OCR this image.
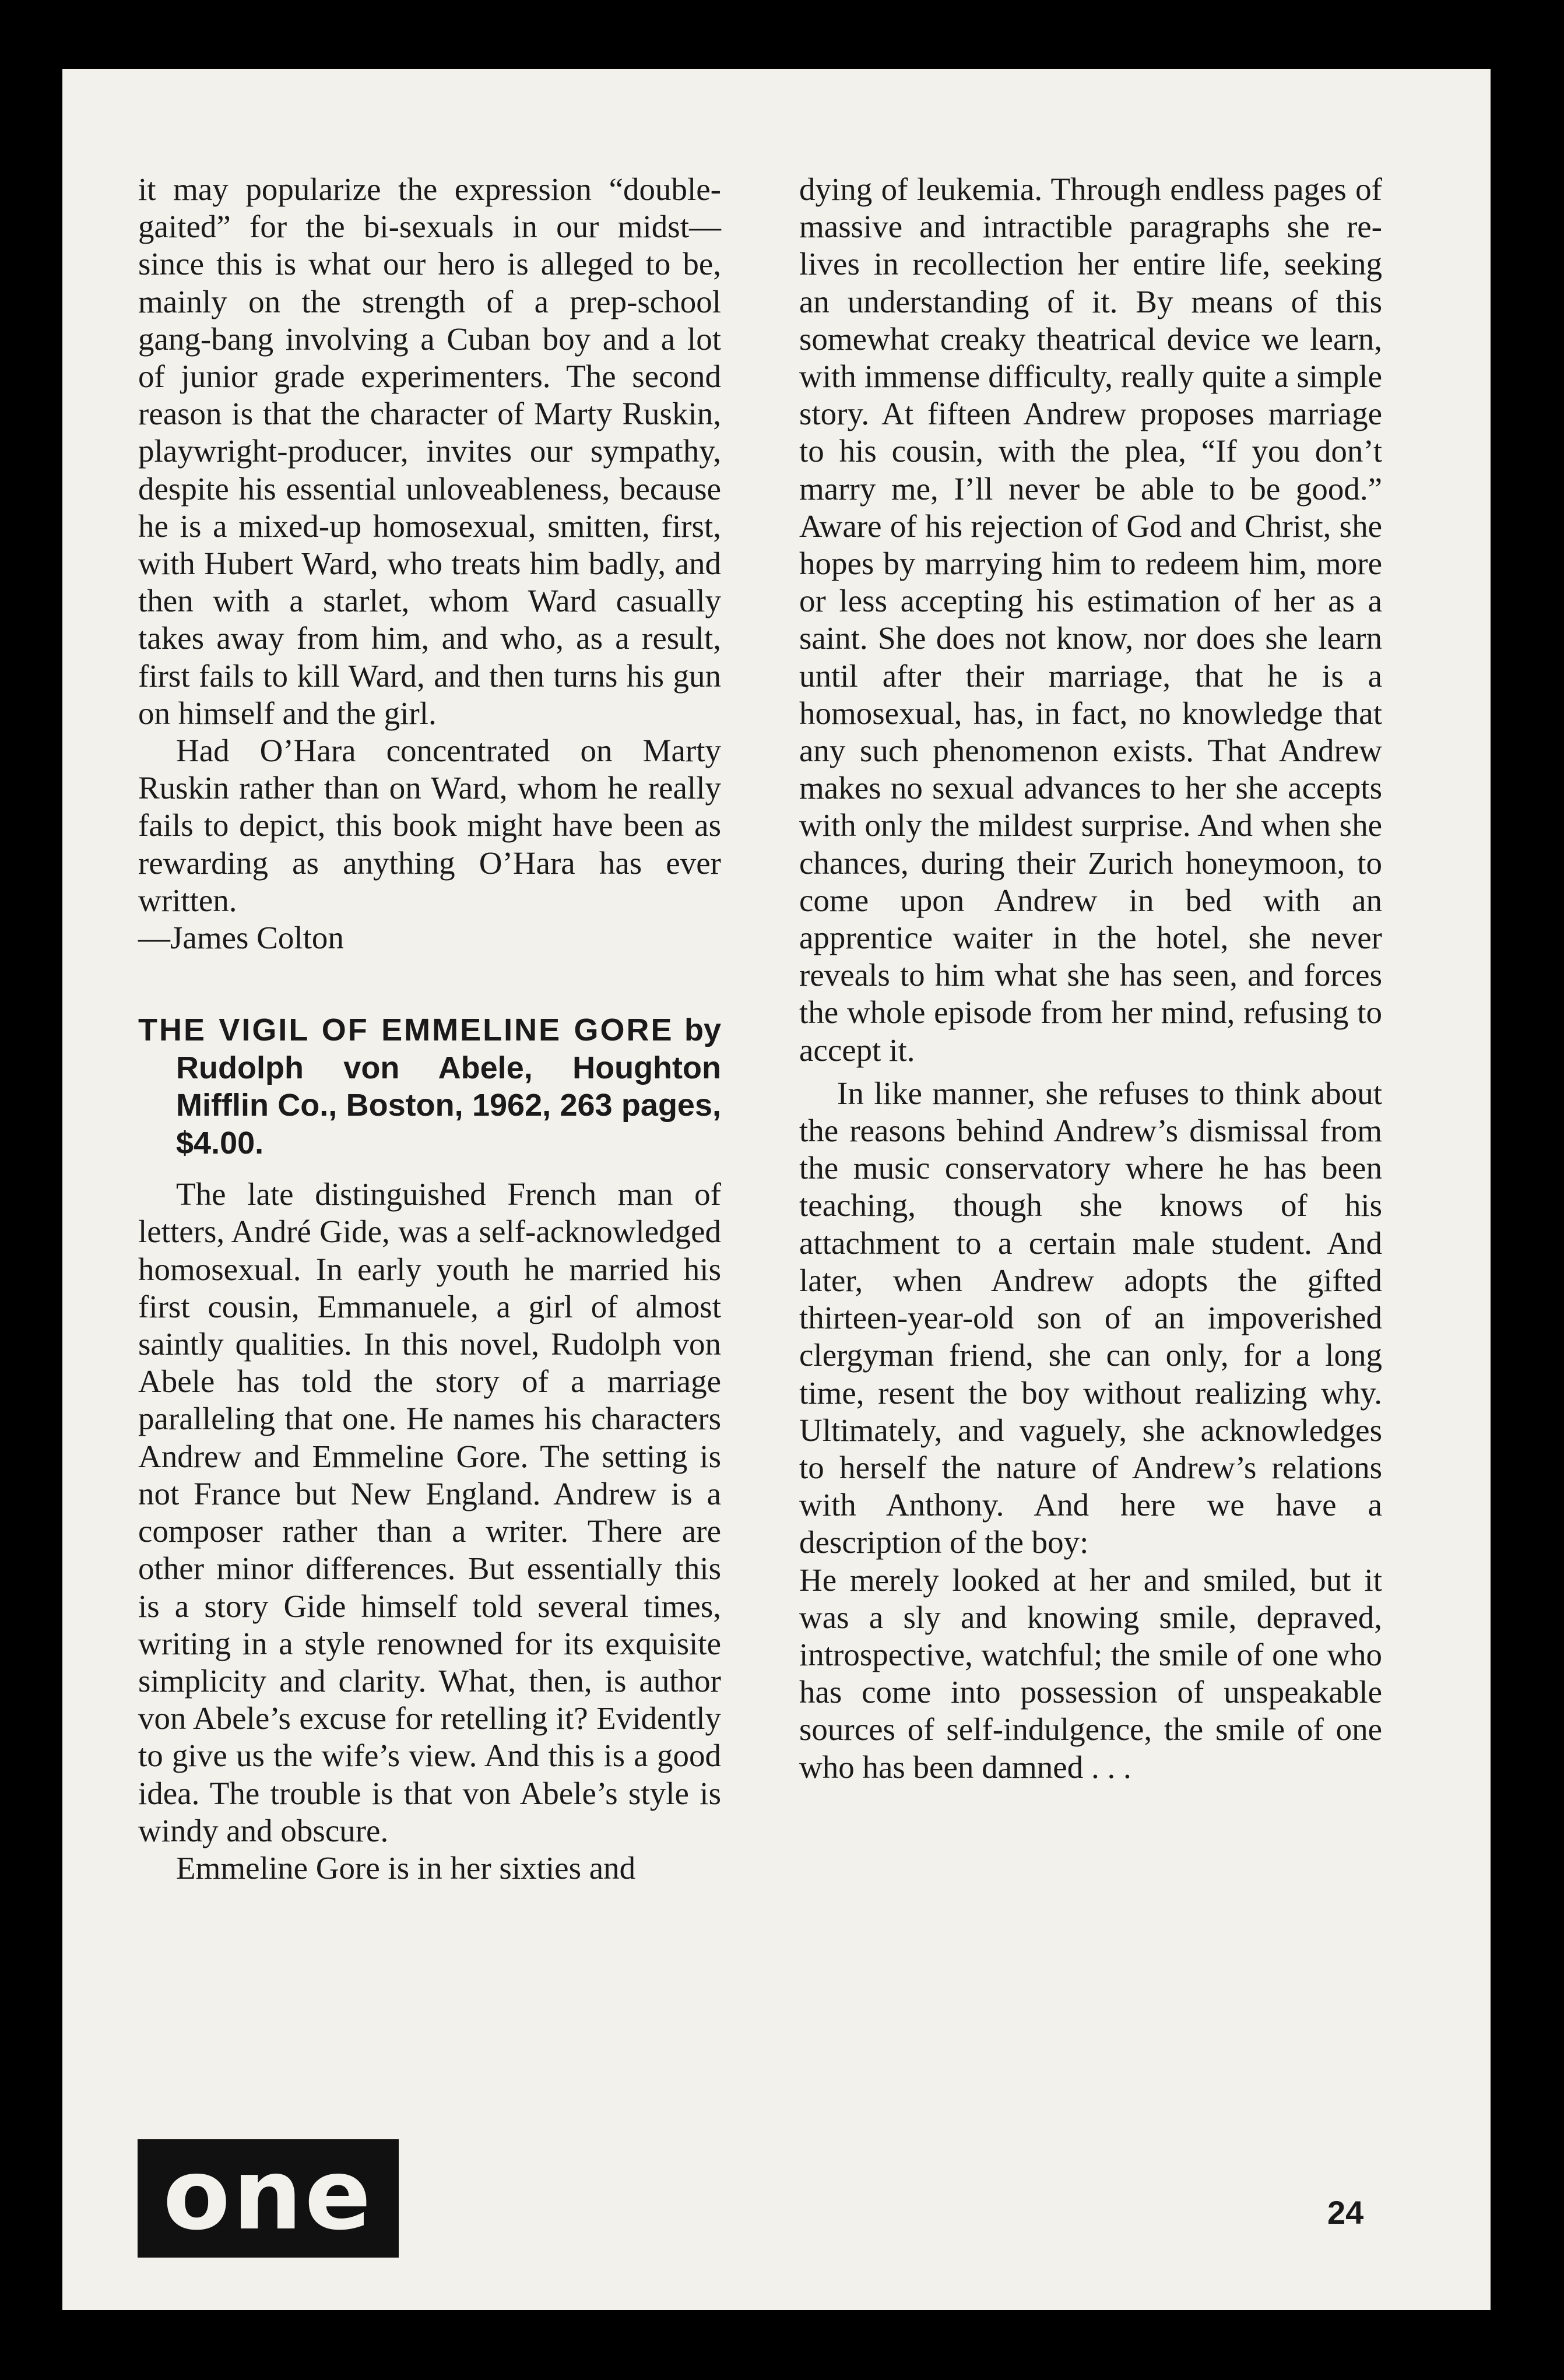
it may popularize the expression “double-gaited” for the bi-sexuals in our midst—since this is what our hero is alleged to be, mainly on the strength of a prep-school gang-bang involving a Cuban boy and a lot of junior grade experimenters. The second reason is that the character of Marty Ruskin, playwright-producer, invites our sympathy, despite his essential unloveableness, because he is a mixed-up homosexual, smitten, first, with Hubert Ward, who treats him badly, and then with a starlet, whom Ward casually takes away from him, and who, as a result, first fails to kill Ward, and then turns his gun on himself and the girl.

Had O’Hara concentrated on Marty Ruskin rather than on Ward, whom he really fails to depict, this book might have been as rewarding as anything O’Hara has ever written.

—James Colton

THE VIGIL OF EMMELINE GORE by Rudolph von Abele, Houghton Mifflin Co., Boston, 1962, 263 pages, $4.00.

The late distinguished French man of letters, André Gide, was a self-acknowledged homosexual. In early youth he married his first cousin, Emmanuele, a girl of almost saintly qualities. In this novel, Rudolph von Abele has told the story of a marriage paralleling that one. He names his characters Andrew and Emmeline Gore. The setting is not France but New England. Andrew is a composer rather than a writer. There are other minor differences. But essentially this is a story Gide himself told several times, writing in a style renowned for its exquisite simplicity and clarity. What, then, is author von Abele’s excuse for retelling it? Evidently to give us the wife’s view. And this is a good idea. The trouble is that von Abele’s style is windy and obscure.

Emmeline Gore is in her sixties and

dying of leukemia. Through endless pages of massive and intractible paragraphs she re-lives in recollection her entire life, seeking an understanding of it. By means of this somewhat creaky theatrical device we learn, with immense difficulty, really quite a simple story. At fifteen Andrew proposes marriage to his cousin, with the plea, “If you don’t marry me, I’ll never be able to be good.” Aware of his rejection of God and Christ, she hopes by marrying him to redeem him, more or less accepting his estimation of her as a saint. She does not know, nor does she learn until after their marriage, that he is a homosexual, has, in fact, no knowledge that any such phenomenon exists. That Andrew makes no sexual advances to her she accepts with only the mildest surprise. And when she chances, during their Zurich honeymoon, to come upon Andrew in bed with an apprentice waiter in the hotel, she never reveals to him what she has seen, and forces the whole episode from her mind, refusing to accept it.

In like manner, she refuses to think about the reasons behind Andrew’s dismissal from the music conservatory where he has been teaching, though she knows of his attachment to a certain male student. And later, when Andrew adopts the gifted thirteen-year-old son of an impoverished clergyman friend, she can only, for a long time, resent the boy without realizing why. Ultimately, and vaguely, she acknowledges to herself the nature of Andrew’s relations with Anthony. And here we have a description of the boy:

He merely looked at her and smiled, but it was a sly and knowing smile, depraved, introspective, watchful; the smile of one who has come into possession of unspeakable sources of self-indulgence, the smile of one who has been damned . . .

one	24
